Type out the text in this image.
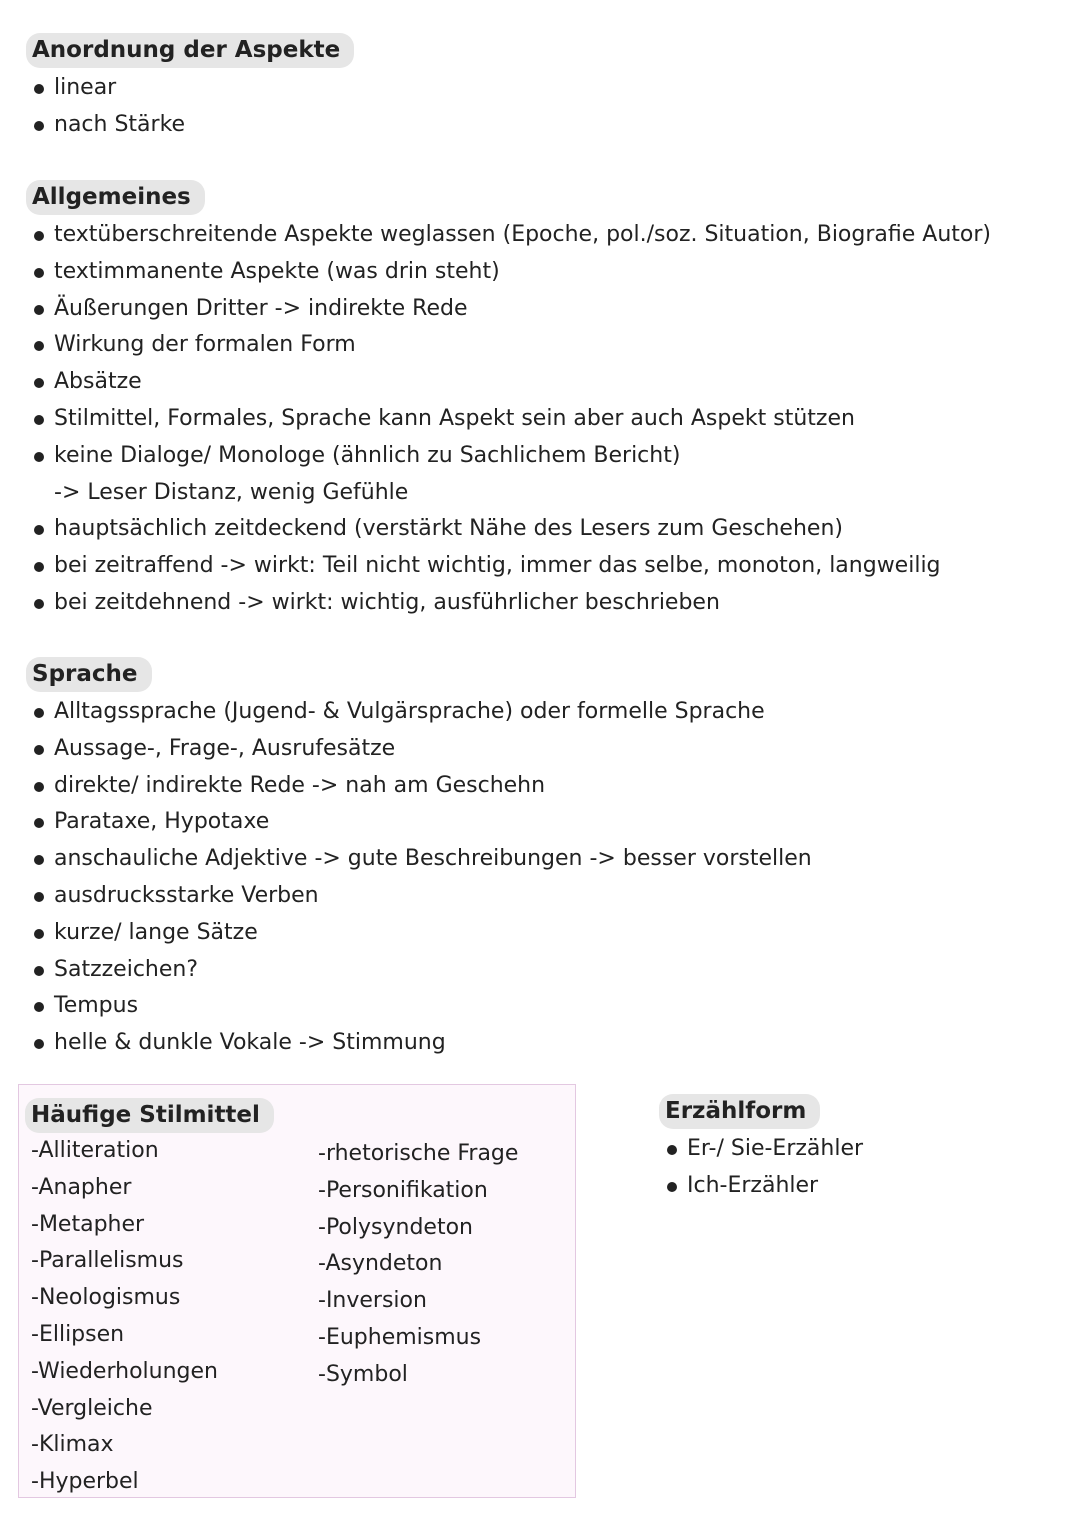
Anordnung der Aspekte
linear
nach Stärke
Allgemeines
textüberschreitende Aspekte weglassen (Epoche, pol./soz. Situation, Biografie Autor)
textimmanente Aspekte (was drin steht)
Äußerungen Dritter -> indirekte Rede
Wirkung der formalen Form
Absätze
Stilmittel, Formales, Sprache kann Aspekt sein aber auch Aspekt stützen
keine Dialoge/ Monologe (ähnlich zu Sachlichem Bericht)
-> Leser Distanz, wenig Gefühle
hauptsächlich zeitdeckend (verstärkt Nähe des Lesers zum Geschehen)
bei zeitraffend -> wirkt: Teil nicht wichtig, immer das selbe, monoton, langweilig
bei zeitdehnend -> wirkt: wichtig, ausführlicher beschrieben
Sprache
Alltagssprache (Jugend- & Vulgärsprache) oder formelle Sprache
Aussage-, Frage-, Ausrufesätze
direkte/ indirekte Rede -> nah am Geschehn
Parataxe, Hypotaxe
anschauliche Adjektive -> gute Beschreibungen -> besser vorstellen
ausdrucksstarke Verben
kurze/ lange Sätze
Satzzeichen?
Tempus
helle & dunkle Vokale -> Stimmung
Häufige Stilmittel
-Alliteration
-Anapher
-Metapher
-Parallelismus
-Neologismus
-Ellipsen
-Wiederholungen
-Vergleiche
-Klimax
-Hyperbel
-rhetorische Frage
-Personifikation
-Polysyndeton
-Asyndeton
-Inversion
-Euphemismus
-Symbol
Erzählform
Er-/ Sie-Erzähler
Ich-Erzähler
